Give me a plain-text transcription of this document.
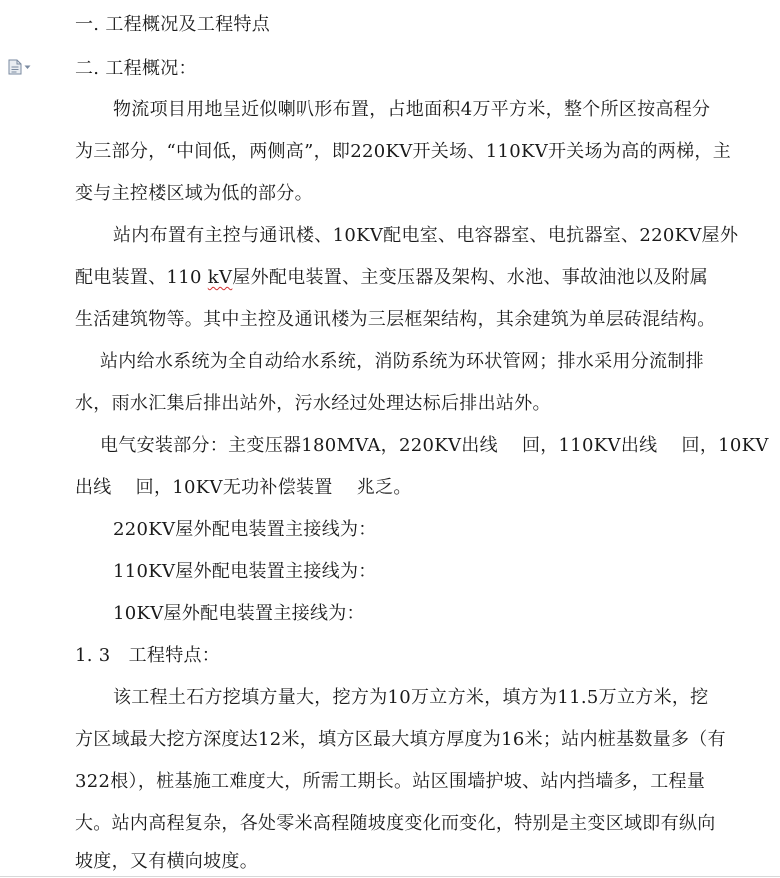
一. 工程概况及工程特点
二. 工程概况：
物流项目用地呈近似喇叭形布置，占地面积4万平方米，整个所区按高程分
为三部分，“中间低，两侧高”，即220KV开关场、110KV开关场为高的两梯，主
变与主控楼区域为低的部分。
站内布置有主控与通讯楼、10KV配电室、电容器室、电抗器室、220KV屋外
配电装置、110 kV屋外配电装置、主变压器及架构、水池、事故油池以及附属
生活建筑物等。其中主控及通讯楼为三层框架结构，其余建筑为单层砖混结构。
站内给水系统为全自动给水系统，消防系统为环状管网；排水采用分流制排
水，雨水汇集后排出站外，污水经过处理达标后排出站外。
电气安装部分：主变压器180MVA，220KV出线    回，110KV出线    回，10KV
出线    回，10KV无功补偿装置    兆乏。
220KV屋外配电装置主接线为：
110KV屋外配电装置主接线为：
10KV屋外配电装置主接线为：
1. 3   工程特点：
该工程土石方挖填方量大，挖方为10万立方米，填方为11.5万立方米，挖
方区域最大挖方深度达12米，填方区最大填方厚度为16米；站内桩基数量多（有
322根），桩基施工难度大，所需工期长。站区围墙护坡、站内挡墙多，工程量
大。站内高程复杂，各处零米高程随坡度变化而变化，特别是主变区域即有纵向
坡度，又有横向坡度。
